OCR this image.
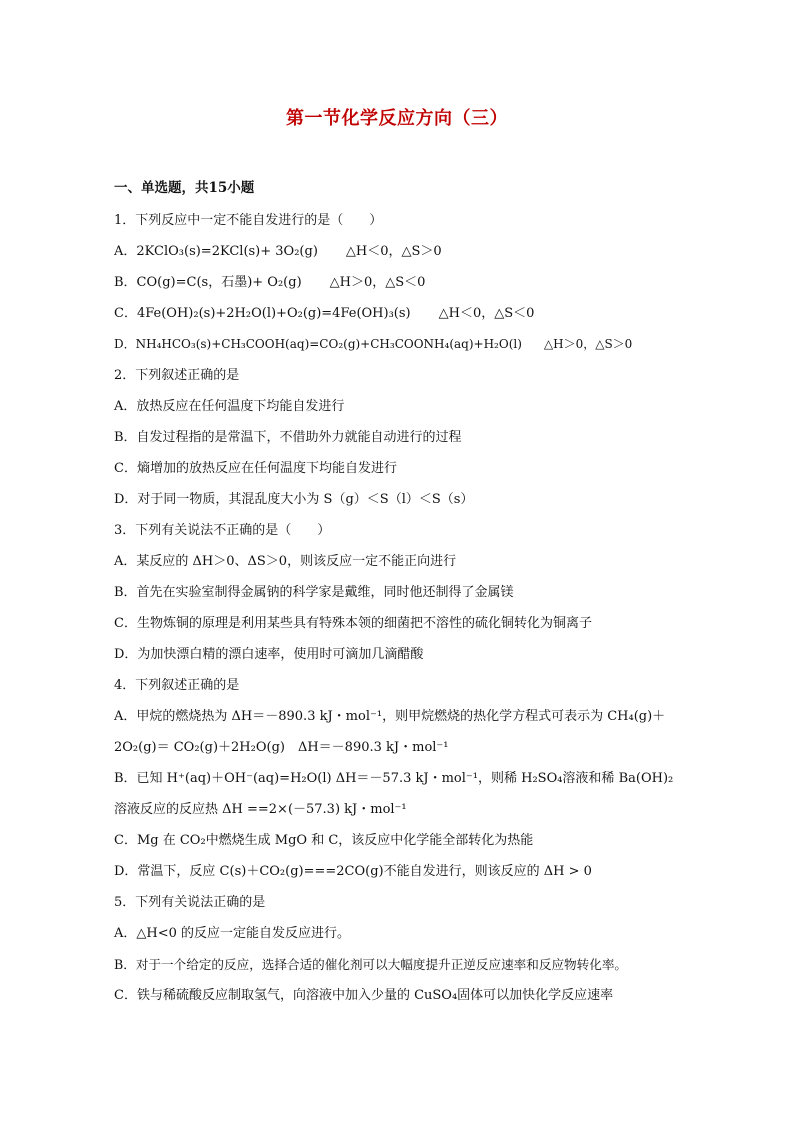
第一节化学反应方向（三）
一、单选题，共15小题
1．下列反应中一定不能自发进行的是（　　）
A．2KClO₃(s)=2KCl(s)+ 3O₂(g) △H＜0，△S＞0
B．CO(g)=C(s，石墨)+ O₂(g) △H＞0，△S＜0
C．4Fe(OH)₂(s)+2H₂O(l)+O₂(g)=4Fe(OH)₃(s) △H＜0，△S＜0
D．NH₄HCO₃(s)+CH₃COOH(aq)=CO₂(g)+CH₃COONH₄(aq)+H₂O(l) △H＞0，△S＞0
2．下列叙述正确的是
A．放热反应在任何温度下均能自发进行
B．自发过程指的是常温下，不借助外力就能自动进行的过程
C．熵增加的放热反应在任何温度下均能自发进行
D．对于同一物质，其混乱度大小为 S（g）＜S（l）＜S（s）
3．下列有关说法不正确的是（　　）
A．某反应的 ΔH＞0、ΔS＞0，则该反应一定不能正向进行
B．首先在实验室制得金属钠的科学家是戴维，同时他还制得了金属镁
C．生物炼铜的原理是利用某些具有特殊本领的细菌把不溶性的硫化铜转化为铜离子
D．为加快漂白精的漂白速率，使用时可滴加几滴醋酸
4．下列叙述正确的是
A．甲烷的燃烧热为 ΔH＝－890.3 kJ・mol⁻¹，则甲烷燃烧的热化学方程式可表示为 CH₄(g)＋2O₂(g)＝ CO₂(g)＋2H₂O(g)　ΔH＝－890.3 kJ・mol⁻¹
B．已知 H⁺(aq)＋OH⁻(aq)=H₂O(l) ΔH＝－57.3 kJ・mol⁻¹，则稀 H₂SO₄溶液和稀 Ba(OH)₂溶液反应的反应热 ΔH ==2×(－57.3) kJ・mol⁻¹
C．Mg 在 CO₂中燃烧生成 MgO 和 C，该反应中化学能全部转化为热能
D．常温下，反应 C(s)＋CO₂(g)===2CO(g)不能自发进行，则该反应的 ΔH > 0
5．下列有关说法正确的是
A．△H<0 的反应一定能自发反应进行。
B．对于一个给定的反应，选择合适的催化剂可以大幅度提升正逆反应速率和反应物转化率。
C．铁与稀硫酸反应制取氢气，向溶液中加入少量的 CuSO₄固体可以加快化学反应速率
